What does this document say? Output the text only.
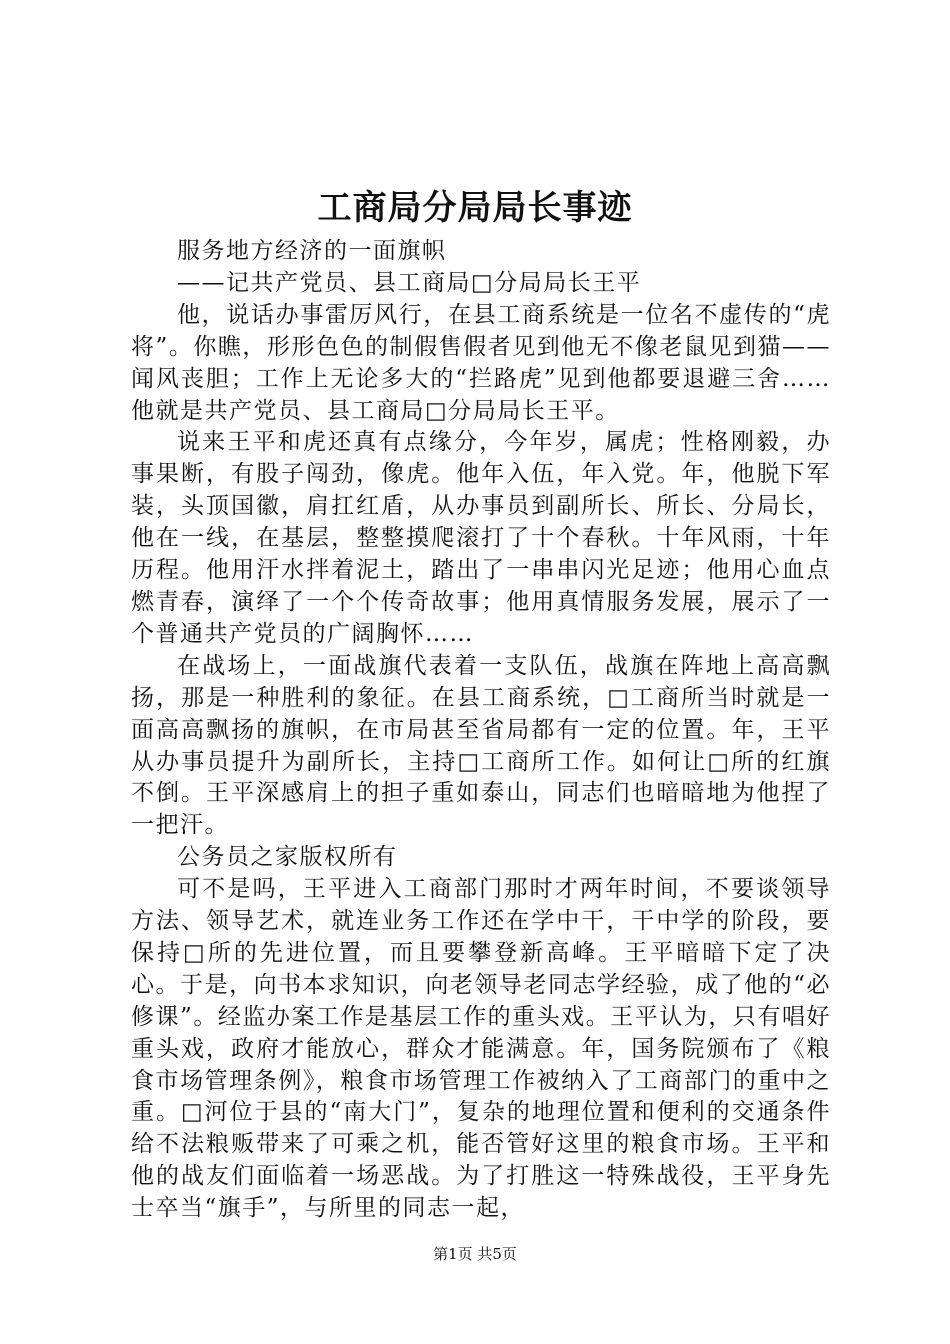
工商局分局局长事迹

服务地方经济的一面旗帜

——记共产党员、县工商局□分局局长王平

他，说话办事雷厉风行，在县工商系统是一位名不虚传的“虎将”。你瞧，形形色色的制假售假者见到他无不像老鼠见到猫——闻风丧胆；工作上无论多大的“拦路虎”见到他都要退避三舍……他就是共产党员、县工商局□分局局长王平。

说来王平和虎还真有点缘分，今年岁，属虎；性格刚毅，办事果断，有股子闯劲，像虎。他年入伍，年入党。年，他脱下军装，头顶国徽，肩扛红盾，从办事员到副所长、所长、分局长，他在一线，在基层，整整摸爬滚打了十个春秋。十年风雨，十年历程。他用汗水拌着泥土，踏出了一串串闪光足迹；他用心血点燃青春，演绎了一个个传奇故事；他用真情服务发展，展示了一个普通共产党员的广阔胸怀……

在战场上，一面战旗代表着一支队伍，战旗在阵地上高高飘扬，那是一种胜利的象征。在县工商系统，□工商所当时就是一面高高飘扬的旗帜，在市局甚至省局都有一定的位置。年，王平从办事员提升为副所长，主持□工商所工作。如何让□所的红旗不倒。王平深感肩上的担子重如泰山，同志们也暗暗地为他捏了一把汗。

公务员之家版权所有

可不是吗，王平进入工商部门那时才两年时间，不要谈领导方法、领导艺术，就连业务工作还在学中干，干中学的阶段，要保持□所的先进位置，而且要攀登新高峰。王平暗暗下定了决心。于是，向书本求知识，向老领导老同志学经验，成了他的“必修课”。经监办案工作是基层工作的重头戏。王平认为，只有唱好重头戏，政府才能放心，群众才能满意。年，国务院颁布了《粮食市场管理条例》，粮食市场管理工作被纳入了工商部门的重中之重。□河位于县的“南大门”，复杂的地理位置和便利的交通条件给不法粮贩带来了可乘之机，能否管好这里的粮食市场。王平和他的战友们面临着一场恶战。为了打胜这一特殊战役，王平身先士卒当“旗手”，与所里的同志一起，

第1页 共5页
